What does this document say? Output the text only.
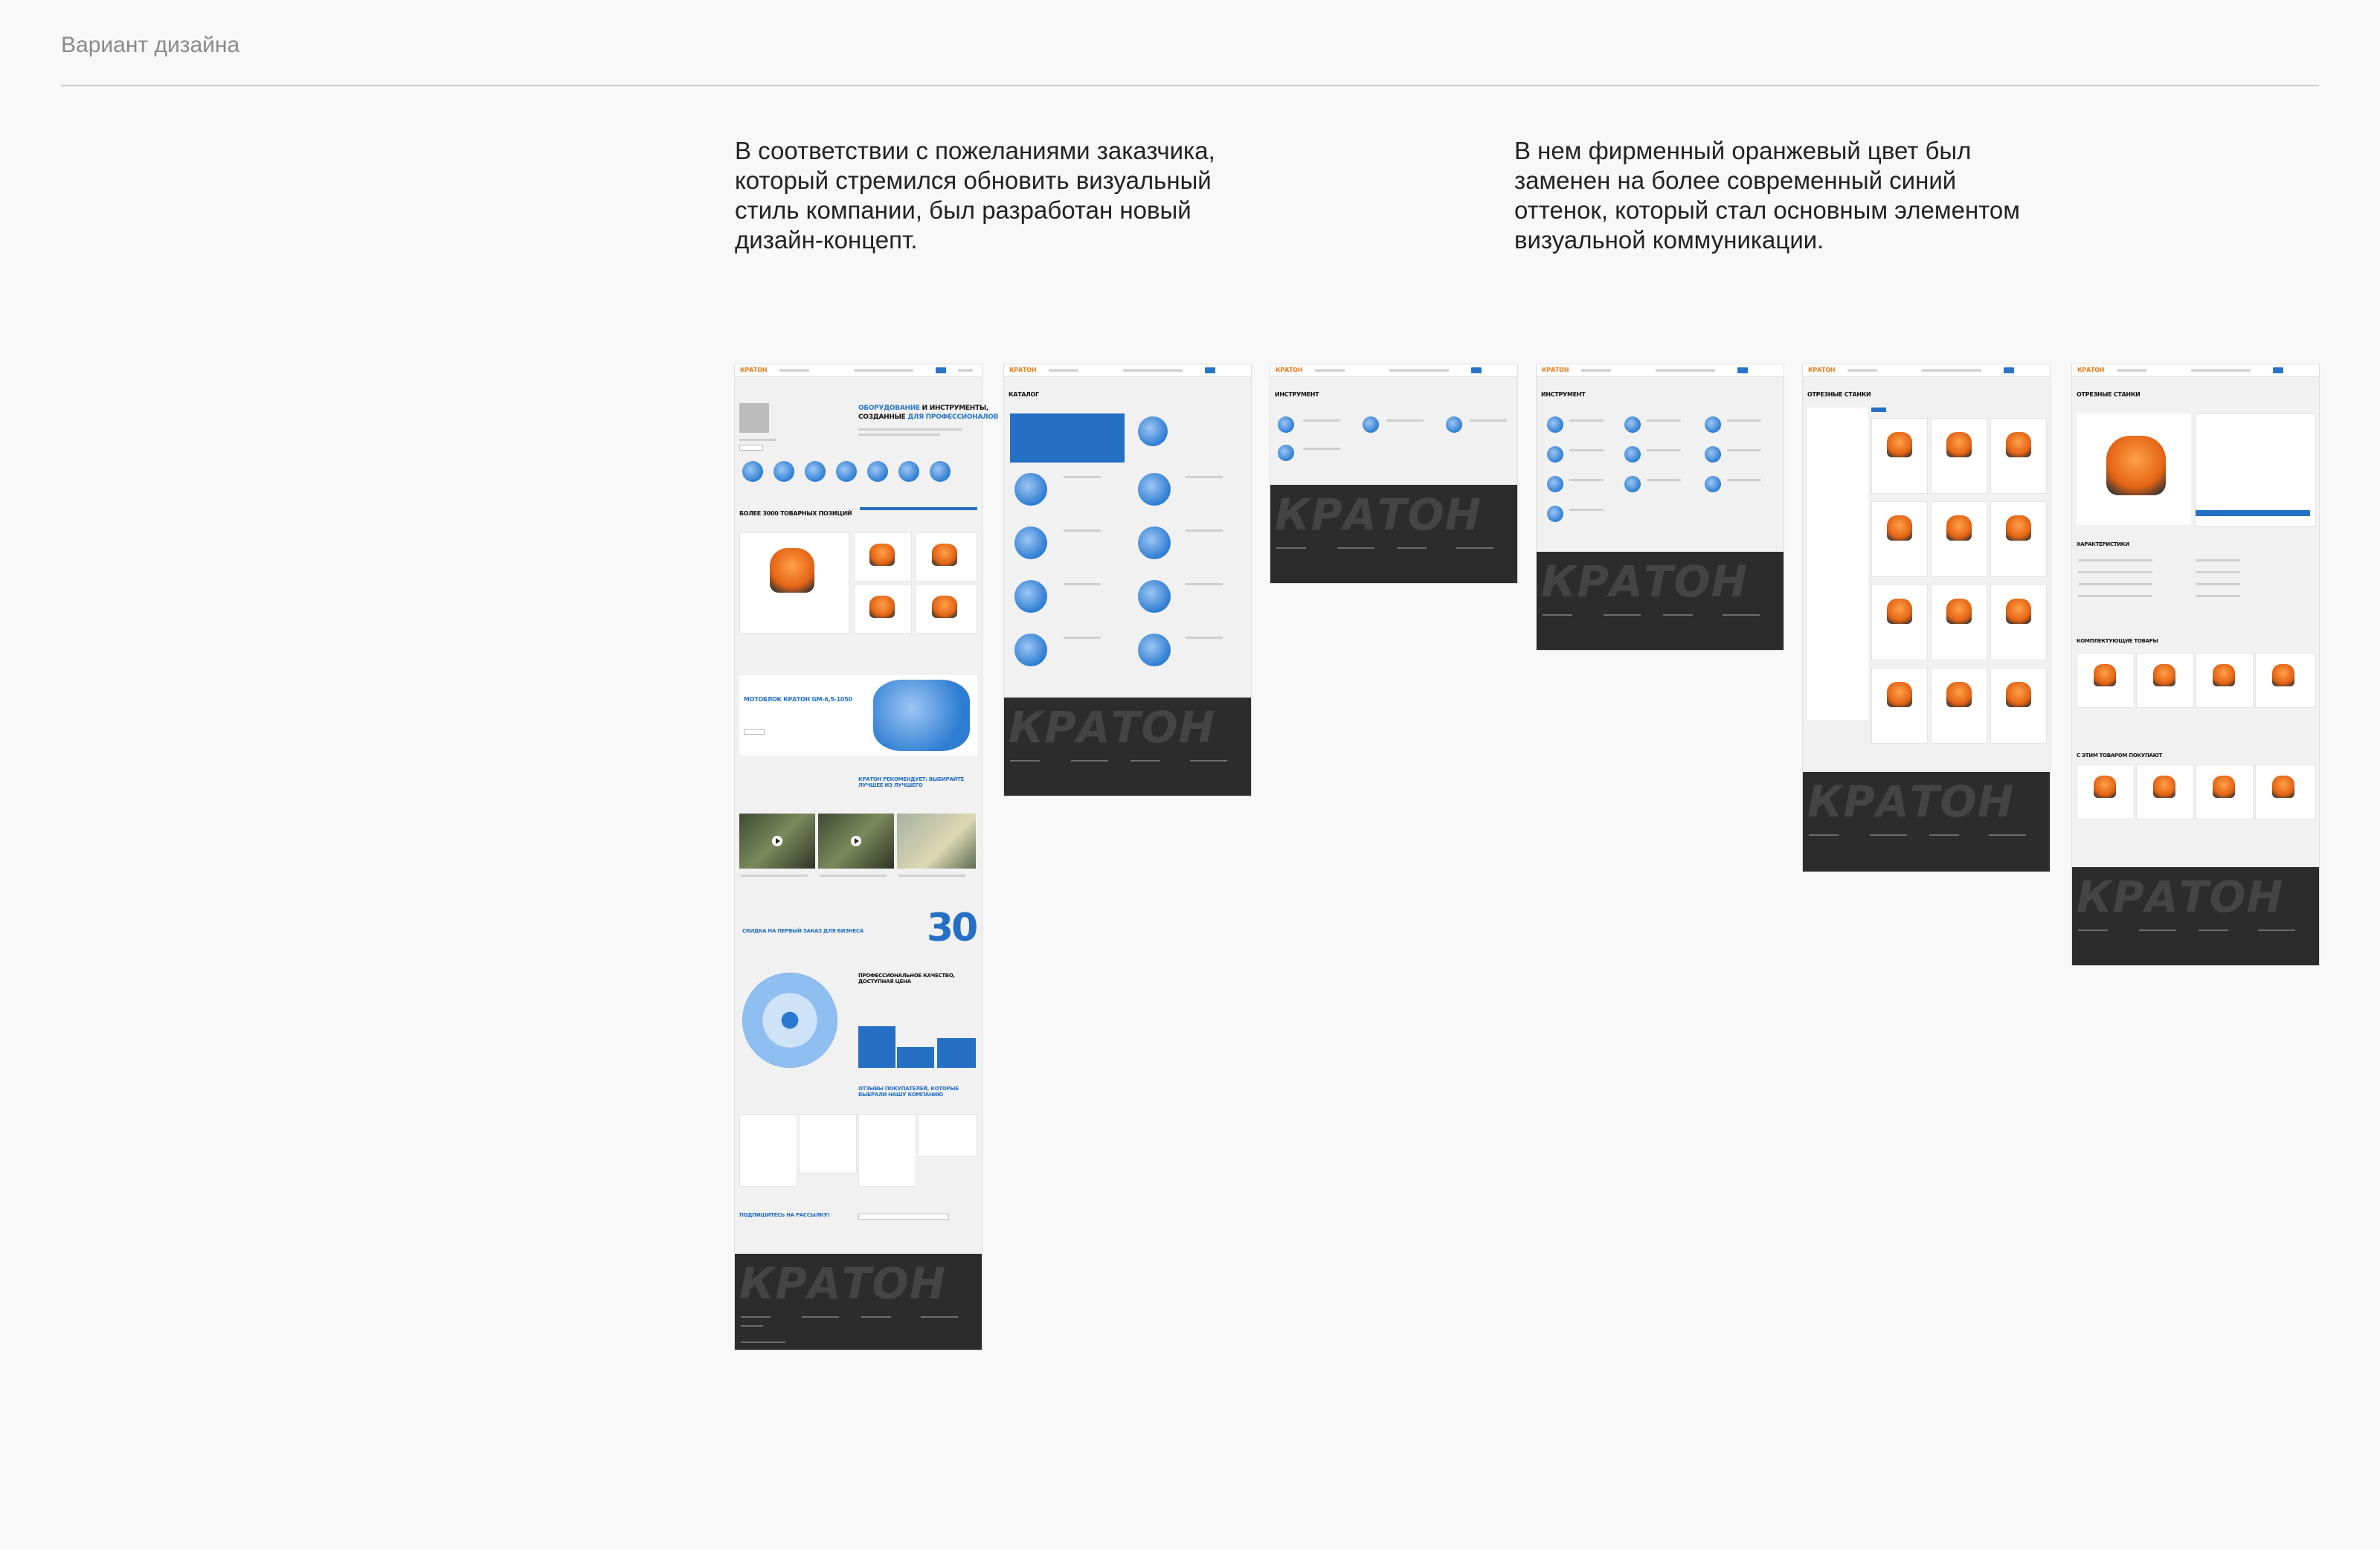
Вариант дизайна
В соответствии с пожеланиями заказчика, который стремился обновить визуальный стиль компании, был разработан новый дизайн-концепт.
В нем фирменный оранжевый цвет был заменен на более современный синий оттенок, который стал основным элементом визуальной коммуникации.
КРАТОН
ОБОРУДОВАНИЕ И ИНСТРУМЕНТЫ,
СОЗДАННЫЕ ДЛЯ ПРОФЕССИОНАЛОВ
БОЛЕЕ 3000 ТОВАРНЫХ ПОЗИЦИЙ
МОТОБЛОК КРАТОН GM-6,5-1050
КРАТОН РЕКОМЕНДУЕТ: ВЫБИРАЙТЕ ЛУЧШЕЕ ИЗ ЛУЧШЕГО
СКИДКА НА ПЕРВЫЙ ЗАКАЗ ДЛЯ БИЗНЕСА 30
ПРОФЕССИОНАЛЬНОЕ КАЧЕСТВО, ДОСТУПНАЯ ЦЕНА
ОТЗЫВЫ ПОКУПАТЕЛЕЙ, КОТОРЫЕ ВЫБРАЛИ НАШУ КОМПАНИЮ
ПОДПИШИТЕСЬ НА РАССЫЛКУ!
КРАТОН
КРАТОН
КАТАЛОГ
КРАТОН
КРАТОН
ИНСТРУМЕНТ
КРАТОН
КРАТОН
ИНСТРУМЕНТ
КРАТОН
КРАТОН
ОТРЕЗНЫЕ СТАНКИ
КРАТОН
КРАТОН
ОТРЕЗНЫЕ СТАНКИ
ХАРАКТЕРИСТИКИ
КОМПЛЕКТУЮЩИЕ ТОВАРЫ
С ЭТИМ ТОВАРОМ ПОКУПАЮТ
КРАТОН
